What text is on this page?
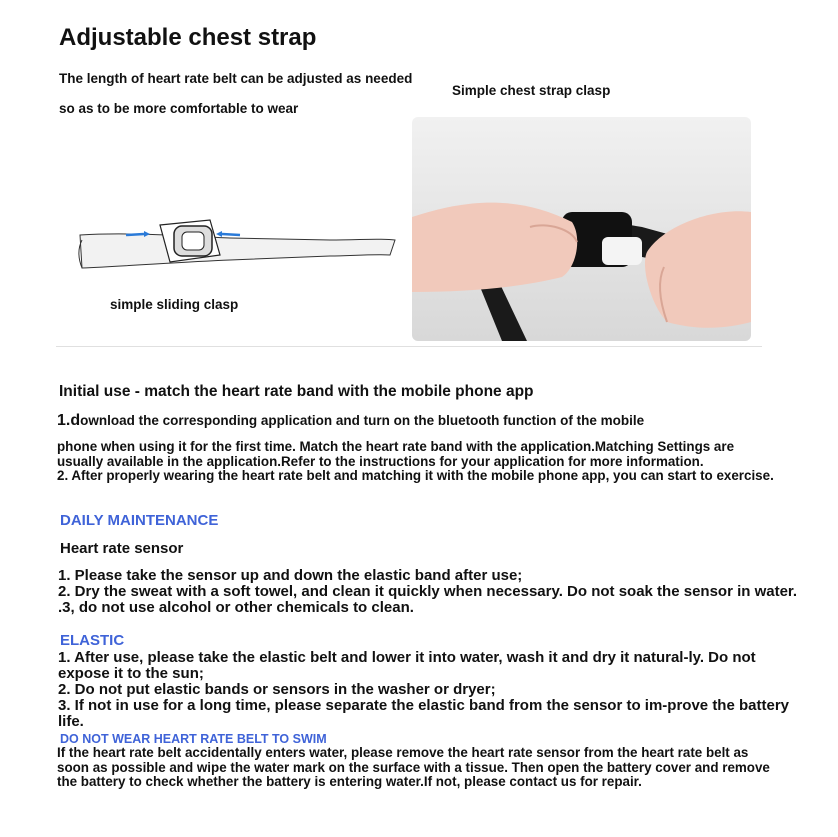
Adjustable chest strap
The length of heart rate belt can be adjusted as needed so as to be more comfortable to wear
Simple chest strap clasp
simple sliding clasp
Initial use - match the heart rate band with the mobile phone app
1.download the corresponding application and turn on the bluetooth function of the mobile
phone when using it for the first time. Match the heart rate band with the application.Matching Settings are usually available in the application.Refer to the instructions for your application for more information.
2. After properly wearing the heart rate belt and matching it with the mobile phone app, you can start to exercise.
DAILY MAINTENANCE
Heart rate sensor
1. Please take the sensor up and down the elastic band after use;
2. Dry the sweat with a soft towel, and clean it quickly when necessary. Do not soak the sensor in water.
.3, do not use alcohol or other chemicals to clean.
ELASTIC
1. After use, please take the elastic belt and lower it into water, wash it and dry it natural-ly. Do not expose it to the sun;
2. Do not put elastic bands or sensors in the washer or dryer;
3. If not in use for a long time, please separate the elastic band from the sensor to im-prove the battery life.
DO NOT WEAR HEART RATE BELT TO SWIM
If the heart rate belt accidentally enters water, please remove the heart rate sensor from the heart rate belt as soon as possible and wipe the water mark on the surface with a tissue. Then open the battery cover and remove the battery to check whether the battery is entering water.If not, please contact us for repair.
